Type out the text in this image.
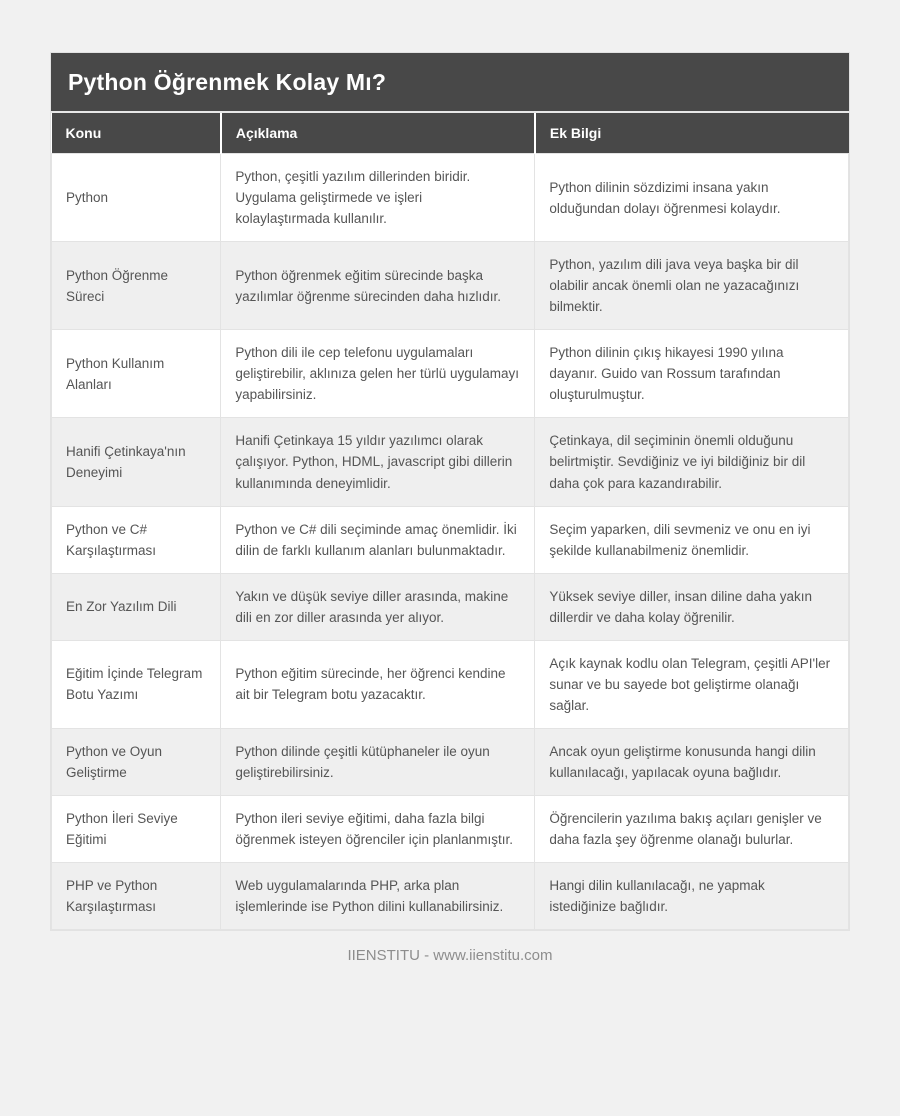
Python Öğrenmek Kolay Mı?
Konu	Açıklama	Ek Bilgi
Python	Python, çeşitli yazılım dillerinden biridir. Uygulama geliştirmede ve işleri kolaylaştırmada kullanılır.	Python dilinin sözdizimi insana yakın olduğundan dolayı öğrenmesi kolaydır.
Python Öğrenme Süreci	Python öğrenmek eğitim sürecinde başka yazılımlar öğrenme sürecinden daha hızlıdır.	Python, yazılım dili java veya başka bir dil olabilir ancak önemli olan ne yazacağınızı bilmektir.
Python Kullanım Alanları	Python dili ile cep telefonu uygulamaları geliştirebilir, aklınıza gelen her türlü uygulamayı yapabilirsiniz.	Python dilinin çıkış hikayesi 1990 yılına dayanır. Guido van Rossum tarafından oluşturulmuştur.
Hanifi Çetinkaya'nın Deneyimi	Hanifi Çetinkaya 15 yıldır yazılımcı olarak çalışıyor. Python, HDML, javascript gibi dillerin kullanımında deneyimlidir.	Çetinkaya, dil seçiminin önemli olduğunu belirtmiştir. Sevdiğiniz ve iyi bildiğiniz bir dil daha çok para kazandırabilir.
Python ve C# Karşılaştırması	Python ve C# dili seçiminde amaç önemlidir. İki dilin de farklı kullanım alanları bulunmaktadır.	Seçim yaparken, dili sevmeniz ve onu en iyi şekilde kullanabilmeniz önemlidir.
En Zor Yazılım Dili	Yakın ve düşük seviye diller arasında, makine dili en zor diller arasında yer alıyor.	Yüksek seviye diller, insan diline daha yakın dillerdir ve daha kolay öğrenilir.
Eğitim İçinde Telegram Botu Yazımı	Python eğitim sürecinde, her öğrenci kendine ait bir Telegram botu yazacaktır.	Açık kaynak kodlu olan Telegram, çeşitli API'ler sunar ve bu sayede bot geliştirme olanağı sağlar.
Python ve Oyun Geliştirme	Python dilinde çeşitli kütüphaneler ile oyun geliştirebilirsiniz.	Ancak oyun geliştirme konusunda hangi dilin kullanılacağı, yapılacak oyuna bağlıdır.
Python İleri Seviye Eğitimi	Python ileri seviye eğitimi, daha fazla bilgi öğrenmek isteyen öğrenciler için planlanmıştır.	Öğrencilerin yazılıma bakış açıları genişler ve daha fazla şey öğrenme olanağı bulurlar.
PHP ve Python Karşılaştırması	Web uygulamalarında PHP, arka plan işlemlerinde ise Python dilini kullanabilirsiniz.	Hangi dilin kullanılacağı, ne yapmak istediğinize bağlıdır.
IIENSTITU - www.iienstitu.com
